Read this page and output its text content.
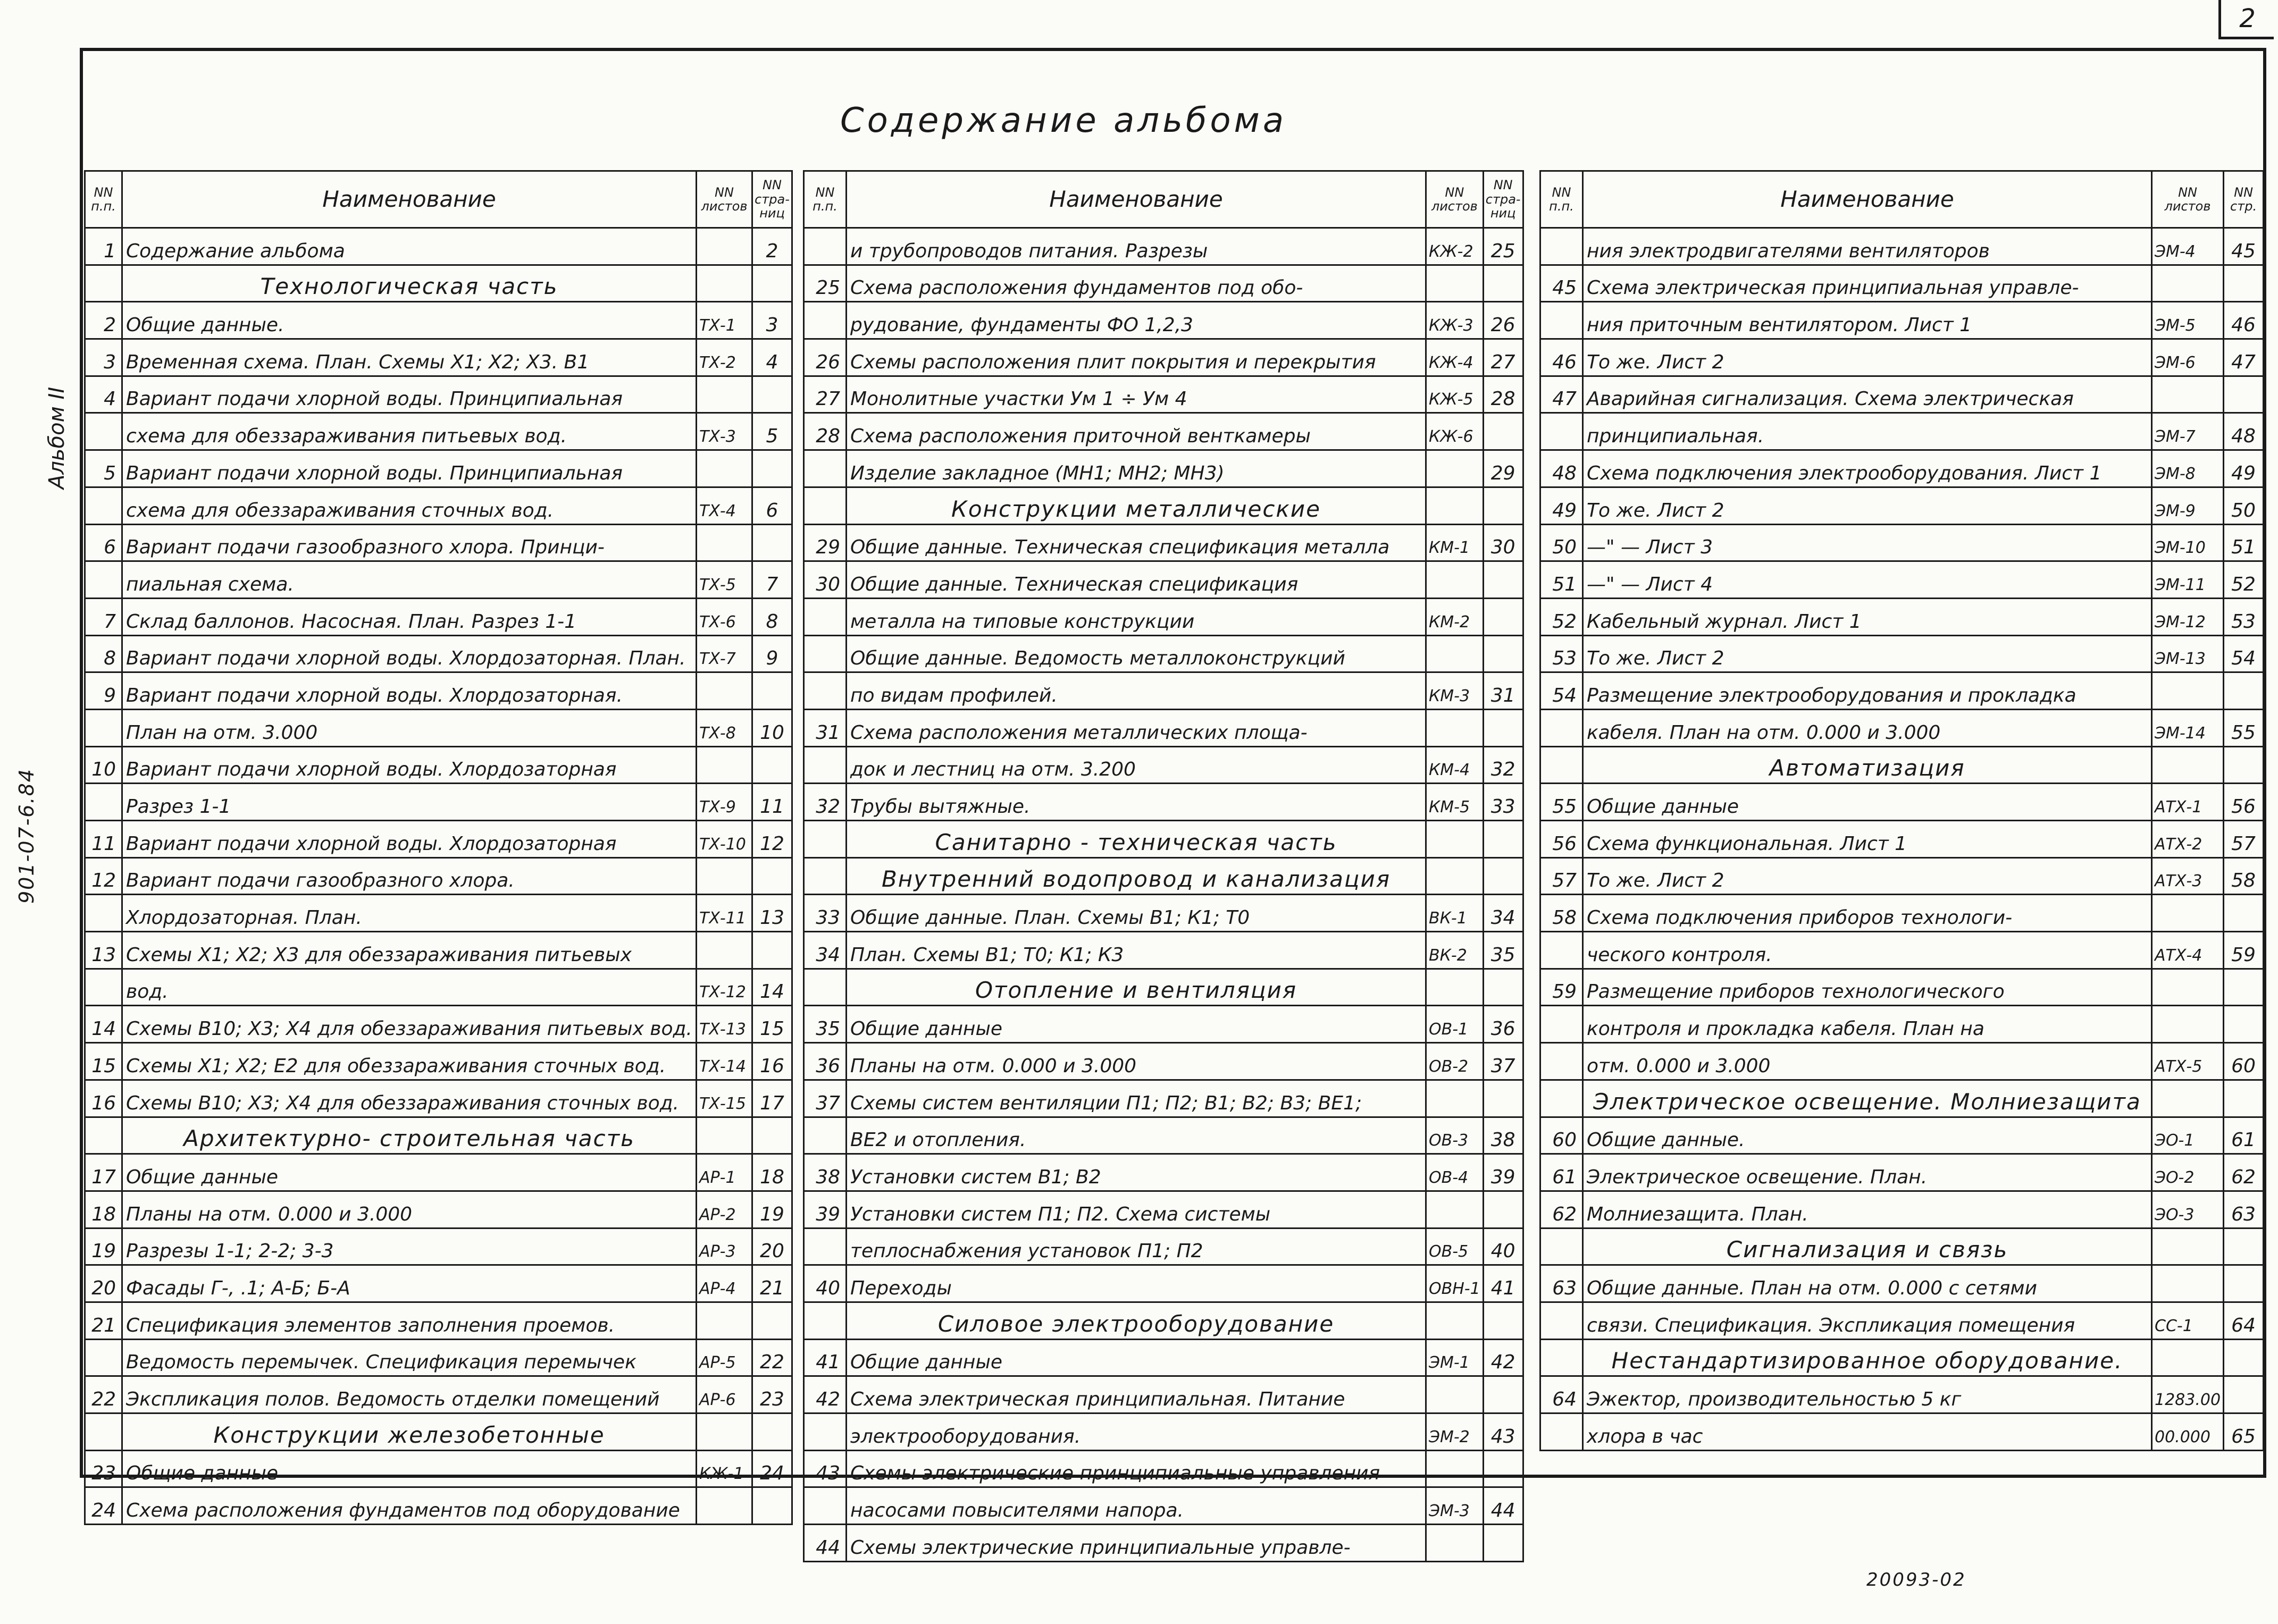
2
901-07-6.84
Альбом II
Содержание альбома
NN п.п.	Наименование	NN листов	NN стра-ниц
1	Содержание альбома		2
	Технологическая часть		
2	Общие данные.	ТХ-1	3
3	Временная схема. План. Схемы Х1; Х2; Х3. В1	ТХ-2	4
4	Вариант подачи хлорной воды. Принципиальная		
	схема для обеззараживания питьевых вод.	ТХ-3	5
5	Вариант подачи хлорной воды. Принципиальная		
	схема для обеззараживания сточных вод.	ТХ-4	6
6	Вариант подачи газообразного хлора. Принци-		
	пиальная схема.	ТХ-5	7
7	Склад баллонов. Насосная. План. Разрез 1-1	ТХ-6	8
8	Вариант подачи хлорной воды. Хлордозаторная. План.	ТХ-7	9
9	Вариант подачи хлорной воды. Хлордозаторная.		
	План на отм. 3.000	ТХ-8	10
10	Вариант подачи хлорной воды. Хлордозаторная		
	Разрез 1-1	ТХ-9	11
11	Вариант подачи хлорной воды. Хлордозаторная	ТХ-10	12
12	Вариант подачи газообразного хлора.		
	Хлордозаторная. План.	ТХ-11	13
13	Схемы Х1; Х2; Х3 для обеззараживания питьевых		
	вод.	ТХ-12	14
14	Схемы В10; Х3; Х4 для обеззараживания питьевых вод.	ТХ-13	15
15	Схемы Х1; Х2; Е2 для обеззараживания сточных вод.	ТХ-14	16
16	Схемы В10; Х3; Х4 для обеззараживания сточных вод.	ТХ-15	17
	Архитектурно- строительная часть		
17	Общие данные	АР-1	18
18	Планы на отм. 0.000 и 3.000	АР-2	19
19	Разрезы 1-1; 2-2; 3-3	АР-3	20
20	Фасады Г-, .1; А-Б; Б-А	АР-4	21
21	Спецификация элементов заполнения проемов.		
	Ведомость перемычек. Спецификация перемычек	АР-5	22
22	Экспликация полов. Ведомость отделки помещений	АР-6	23
	Конструкции железобетонные		
23	Общие данные	КЖ-1	24
24	Схема расположения фундаментов под оборудование		
NN п.п.	Наименование	NN листов	NN стра-ниц
	и трубопроводов питания. Разрезы	КЖ-2	25
25	Схема расположения фундаментов под обо-		
	рудование, фундаменты ФО 1,2,3	КЖ-3	26
26	Схемы расположения плит покрытия и перекрытия	КЖ-4	27
27	Монолитные участки Ум 1 ÷ Ум 4	КЖ-5	28
28	Схема расположения приточной венткамеры	КЖ-6	
	Изделие закладное (МН1; МН2; МН3)		29
	Конструкции металлические		
29	Общие данные. Техническая спецификация металла	КМ-1	30
30	Общие данные. Техническая спецификация		
	металла на типовые конструкции	КМ-2	
	Общие данные. Ведомость металлоконструкций		
	по видам профилей.	КМ-3	31
31	Схема расположения металлических площа-		
	док и лестниц на отм. 3.200	КМ-4	32
32	Трубы вытяжные.	КМ-5	33
	Санитарно - техническая часть		
	Внутренний водопровод и канализация		
33	Общие данные. План. Схемы В1; К1; Т0	ВК-1	34
34	План. Схемы В1; Т0; К1; К3	ВК-2	35
	Отопление и вентиляция		
35	Общие данные	ОВ-1	36
36	Планы на отм. 0.000 и 3.000	ОВ-2	37
37	Схемы систем вентиляции П1; П2; В1; В2; В3; ВЕ1;		
	ВЕ2 и отопления.	ОВ-3	38
38	Установки систем В1; В2	ОВ-4	39
39	Установки систем П1; П2. Схема системы		
	теплоснабжения установок П1; П2	ОВ-5	40
40	Переходы	ОВН-1	41
	Силовое электрооборудование		
41	Общие данные	ЭМ-1	42
42	Схема электрическая принципиальная. Питание		
	электрооборудования.	ЭМ-2	43
43	Схемы электрические принципиальные управления		
	насосами повысителями напора.	ЭМ-3	44
44	Схемы электрические принципиальные управле-		
NN п.п.	Наименование	NN листов	NN стр.
	ния электродвигателями вентиляторов	ЭМ-4	45
45	Схема электрическая принципиальная управле-		
	ния приточным вентилятором. Лист 1	ЭМ-5	46
46	То же. Лист 2	ЭМ-6	47
47	Аварийная сигнализация. Схема электрическая		
	принципиальная.	ЭМ-7	48
48	Схема подключения электрооборудования. Лист 1	ЭМ-8	49
49	То же. Лист 2	ЭМ-9	50
50	—" — Лист 3	ЭМ-10	51
51	—" — Лист 4	ЭМ-11	52
52	Кабельный журнал. Лист 1	ЭМ-12	53
53	То же. Лист 2	ЭМ-13	54
54	Размещение электрооборудования и прокладка		
	кабеля. План на отм. 0.000 и 3.000	ЭМ-14	55
	Автоматизация		
55	Общие данные	АТХ-1	56
56	Схема функциональная. Лист 1	АТХ-2	57
57	То же. Лист 2	АТХ-3	58
58	Схема подключения приборов технологи-		
	ческого контроля.	АТХ-4	59
59	Размещение приборов технологического		
	контроля и прокладка кабеля. План на		
	отм. 0.000 и 3.000	АТХ-5	60
	Электрическое освещение. Молниезащита		
60	Общие данные.	ЭО-1	61
61	Электрическое освещение. План.	ЭО-2	62
62	Молниезащита. План.	ЭО-3	63
	Сигнализация и связь		
63	Общие данные. План на отм. 0.000 с сетями		
	связи. Спецификация. Экспликация помещения	СС-1	64
	Нестандартизированное оборудование.		
64	Эжектор, производительностью 5 кг	1283.00	
	хлора в час	00.000	65
20093-02
